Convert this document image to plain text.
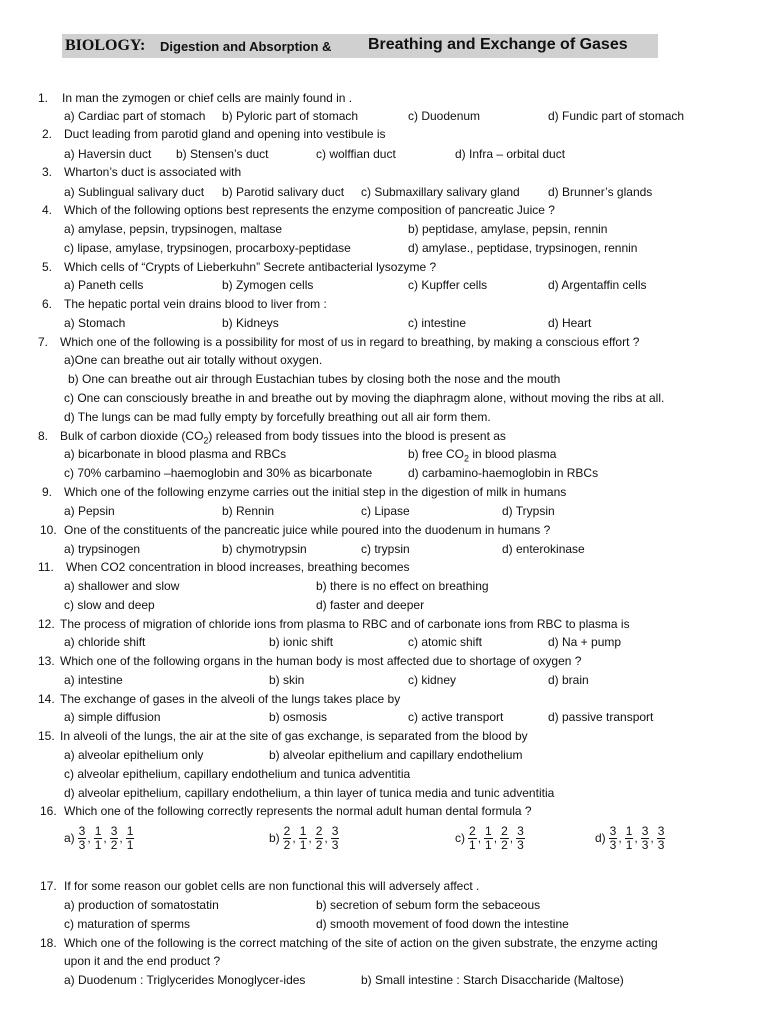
BIOLOGY: Digestion and Absorption & Breathing and Exchange of Gases
1. In man the zymogen or chief cells are mainly found in .
a) Cardiac part of stomach b) Pyloric part of stomach	c) Duodenum	d) Fundic part of stomach
2. Duct leading from parotid gland and opening into vestibule is
a) Haversin duct b) Stensen’s duct	c) wolffian duct	d) Infra – orbital duct
3. Wharton’s duct is associated with
a) Sublingual salivary duct b) Parotid salivary duct c) Submaxillary salivary gland d) Brunner’s glands
4. Which of the following options best represents the enzyme composition of pancreatic Juice ?
a) amylase, pepsin, trypsinogen, maltase	b) peptidase, amylase, pepsin, rennin
c) lipase, amylase, trypsinogen, procarboxy-peptidase	d) amylase., peptidase, trypsinogen, rennin
5. Which cells of “Crypts of Lieberkuhn” Secrete antibacterial lysozyme ?
a) Paneth cells	b) Zymogen cells	c) Kupffer cells	d) Argentaffin cells
6. The hepatic portal vein drains blood to liver from :
a) Stomach	b) Kidneys	c) intestine	d) Heart
7. Which one of the following is a possibility for most of us in regard to breathing, by making a conscious effort ?
a)One can breathe out air totally without oxygen.
b) One can breathe out air through Eustachian tubes by closing both the nose and the mouth
c) One can consciously breathe in and breathe out by moving the diaphragm alone, without moving the ribs at all.
d) The lungs can be mad fully empty by forcefully breathing out all air form them.
8. Bulk of carbon dioxide $(CO_2)$ released from body tissues into the blood is present as
a) bicarbonate in blood plasma and RBCs	b) free $CO_2$ in blood plasma
c) 70% carbamino –haemoglobin and 30% as bicarbonate	d) carbamino-haemoglobin in RBCs
9. Which one of the following enzyme carries out the initial step in the digestion of milk in humans
a) Pepsin	b) Rennin	c) Lipase	d) Trypsin
10. One of the constituents of the pancreatic juice while poured into the duodenum in humans ?
a) trypsinogen	b) chymotrypsin	c) trypsin	d) enterokinase
11. When CO2 concentration in blood increases, breathing becomes
a) shallower and slow	b) there is no effect on breathing
c) slow and deep	d) faster and deeper
12. The process of migration of chloride ions from plasma to RBC and of carbonate ions from RBC to plasma is
a) chloride shift	b) ionic shift	c) atomic shift	d) Na + pump
13. Which one of the following organs in the human body is most affected due to shortage of oxygen ?
a) intestine	b) skin	c) kidney	d) brain
14. The exchange of gases in the alveoli of the lungs takes place by
a) simple diffusion	b) osmosis	c) active transport	d) passive transport
15. In alveoli of the lungs, the air at the site of gas exchange, is separated from the blood by
a) alveolar epithelium only	b) alveolar epithelium and capillary endothelium
c) alveolar epithelium, capillary endothelium and tunica adventitia
d) alveolar epithelium, capillary endothelium, a thin layer of tunica media and tunic adventitia
16. Which one of the following correctly represents the normal adult human dental formula ?
$a) \frac{3}{3}$ , $\frac{1}{1}$ , $\frac{3}{2}$ , $\frac{1}{1}$	$b) \frac{2}{2}$ , $\frac{1}{1}$ , $\frac{2}{2}$ , $\frac{3}{3}$	$c) \frac{2}{1}$ , $\frac{1}{1}$ , $\frac{2}{2}$ , $\frac{3}{3}$	$d) \frac{3}{3}$ , $\frac{1}{1}$ , $\frac{3}{3}$ , $\frac{3}{3}$
17. If for some reason our goblet cells are non functional this will adversely affect .
a) production of somatostatin	b) secretion of sebum form the sebaceous
c) maturation of sperms	d) smooth movement of food down the intestine
18. Which one of the following is the correct matching of the site of action on the given substrate, the enzyme acting
upon it and the end product ?
a) Duodenum : Triglycerides Monoglycer-ides	b) Small intestine : Starch Disaccharide (Maltose)
